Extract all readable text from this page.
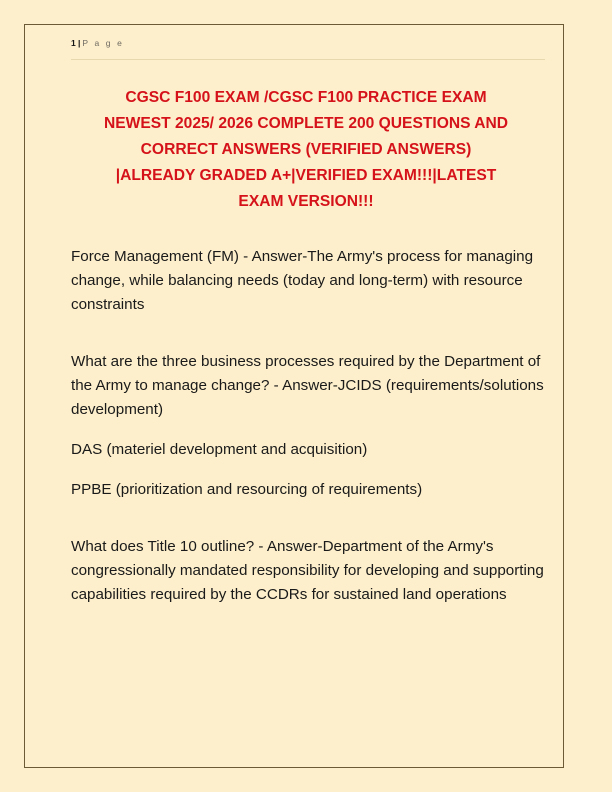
1 | P a g e
CGSC F100 EXAM /CGSC F100 PRACTICE EXAM
NEWEST 2025/ 2026 COMPLETE 200 QUESTIONS AND
CORRECT ANSWERS (VERIFIED ANSWERS)
|ALREADY GRADED A+|VERIFIED EXAM!!!|LATEST
EXAM VERSION!!!

Force Management (FM) - Answer-The Army's process for managing change, while balancing needs (today and long-term) with resource constraints

What are the three business processes required by the Department of the Army to manage change? - Answer-JCIDS (requirements/solutions development)

DAS (materiel development and acquisition)

PPBE (prioritization and resourcing of requirements)

What does Title 10 outline? - Answer-Department of the Army's congressionally mandated responsibility for developing and supporting capabilities required by the CCDRs for sustained land operations
